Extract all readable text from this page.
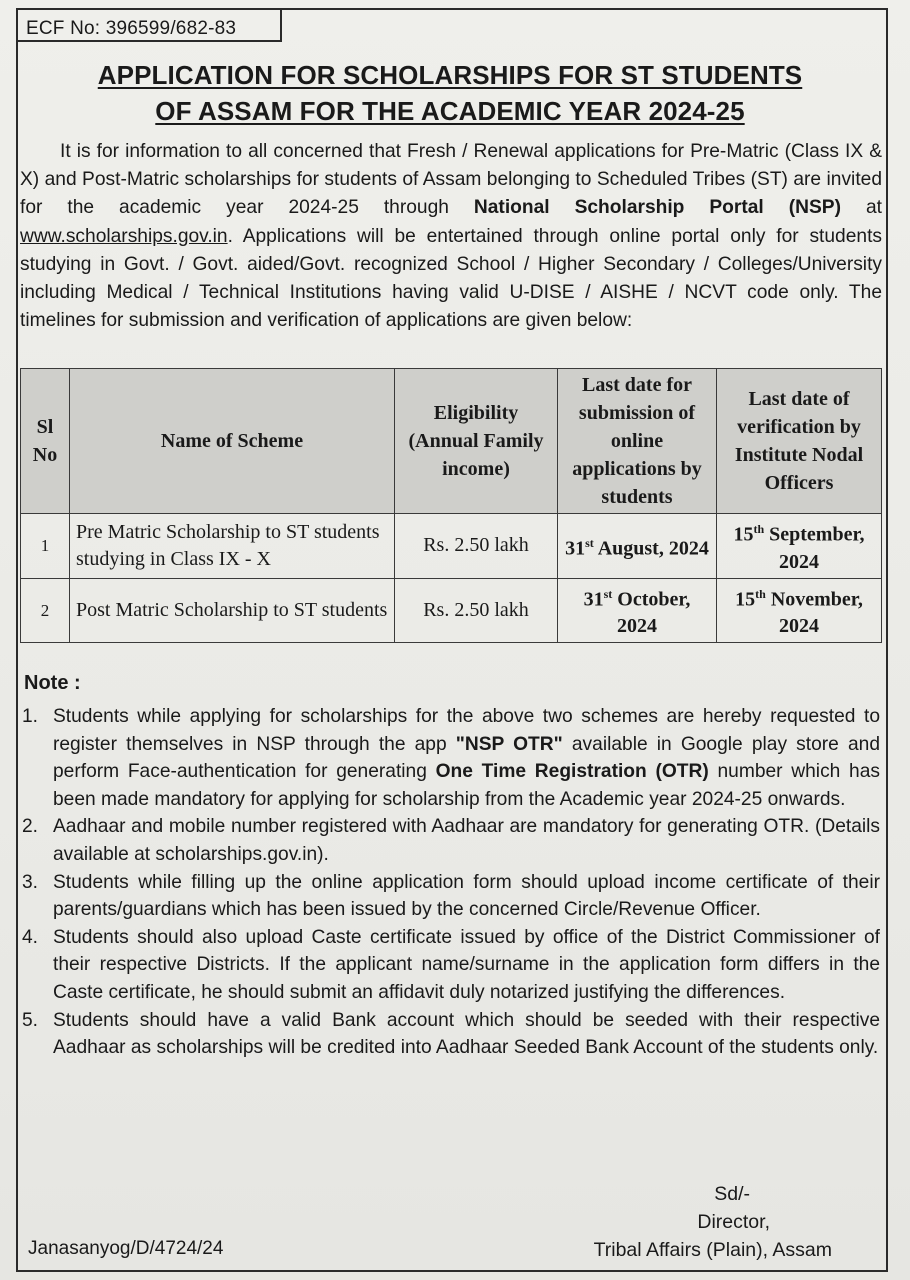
ECF No: 396599/682-83
APPLICATION FOR SCHOLARSHIPS FOR ST STUDENTS
OF ASSAM FOR THE ACADEMIC YEAR 2024-25

It is for information to all concerned that Fresh / Renewal applications for Pre-Matric (Class IX & X) and Post-Matric scholarships for students of Assam belonging to Scheduled Tribes (ST) are invited for the academic year 2024-25 through National Scholarship Portal (NSP) at www.scholarships.gov.in. Applications will be entertained through online portal only for students studying in Govt. / Govt. aided/Govt. recognized School / Higher Secondary / Colleges/University including Medical / Technical Institutions having valid U-DISE / AISHE / NCVT code only. The timelines for submission and verification of applications are given below:

Sl No	Name of Scheme	Eligibility (Annual Family income)	Last date for submission of online applications by students	Last date of verification by Institute Nodal Officers
1	Pre Matric Scholarship to ST students studying in Class IX - X	Rs. 2.50 lakh	31st August, 2024	15th September, 2024
2	Post Matric Scholarship to ST students	Rs. 2.50 lakh	31st October, 2024	15th November, 2024
Note :
1. Students while applying for scholarships for the above two schemes are hereby requested to register themselves in NSP through the app "NSP OTR" available in Google play store and perform Face-authentication for generating One Time Registration (OTR) number which has been made mandatory for applying for scholarship from the Academic year 2024-25 onwards.
2. Aadhaar and mobile number registered with Aadhaar are mandatory for generating OTR. (Details available at scholarships.gov.in).
3. Students while filling up the online application form should upload income certificate of their parents/guardians which has been issued by the concerned Circle/Revenue Officer.
4. Students should also upload Caste certificate issued by office of the District Commissioner of their respective Districts. If the applicant name/surname in the application form differs in the Caste certificate, he should submit an affidavit duly notarized justifying the differences.
5. Students should have a valid Bank account which should be seeded with their respective Aadhaar as scholarships will be credited into Aadhaar Seeded Bank Account of the students only.
Sd/-
Director,
Tribal Affairs (Plain), Assam
Janasanyog/D/4724/24
